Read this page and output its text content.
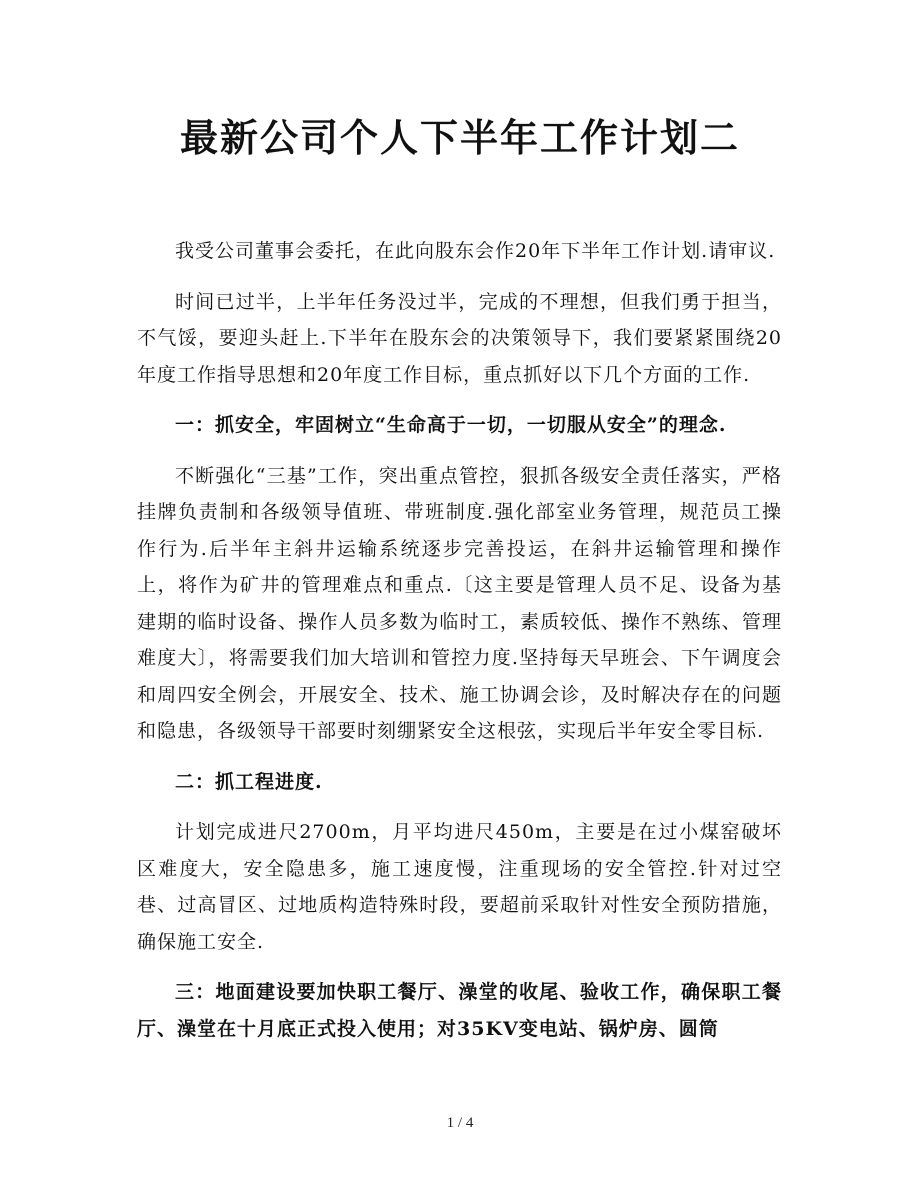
最新公司个人下半年工作计划二

我受公司董事会委托，在此向股东会作20年下半年工作计划.请审议.

时间已过半，上半年任务没过半，完成的不理想，但我们勇于担当，不气馁，要迎头赶上.下半年在股东会的决策领导下，我们要紧紧围绕20年度工作指导思想和20年度工作目标，重点抓好以下几个方面的工作.

一：抓安全，牢固树立“生命高于一切，一切服从安全”的理念.

不断强化“三基”工作，突出重点管控，狠抓各级安全责任落实，严格挂牌负责制和各级领导值班、带班制度.强化部室业务管理，规范员工操作行为.后半年主斜井运输系统逐步完善投运，在斜井运输管理和操作上，将作为矿井的管理难点和重点.〔这主要是管理人员不足、设备为基建期的临时设备、操作人员多数为临时工，素质较低、操作不熟练、管理难度大〕，将需要我们加大培训和管控力度.坚持每天早班会、下午调度会和周四安全例会，开展安全、技术、施工协调会诊，及时解决存在的问题和隐患，各级领导干部要时刻绷紧安全这根弦，实现后半年安全零目标.

二：抓工程进度.

计划完成进尺2700m，月平均进尺450m，主要是在过小煤窑破坏区难度大，安全隐患多，施工速度慢，注重现场的安全管控.针对过空巷、过高冒区、过地质构造特殊时段，要超前采取针对性安全预防措施，确保施工安全.

三：地面建设要加快职工餐厅、澡堂的收尾、验收工作，确保职工餐厅、澡堂在十月底正式投入使用；对35KV变电站、锅炉房、圆筒

1 / 4
